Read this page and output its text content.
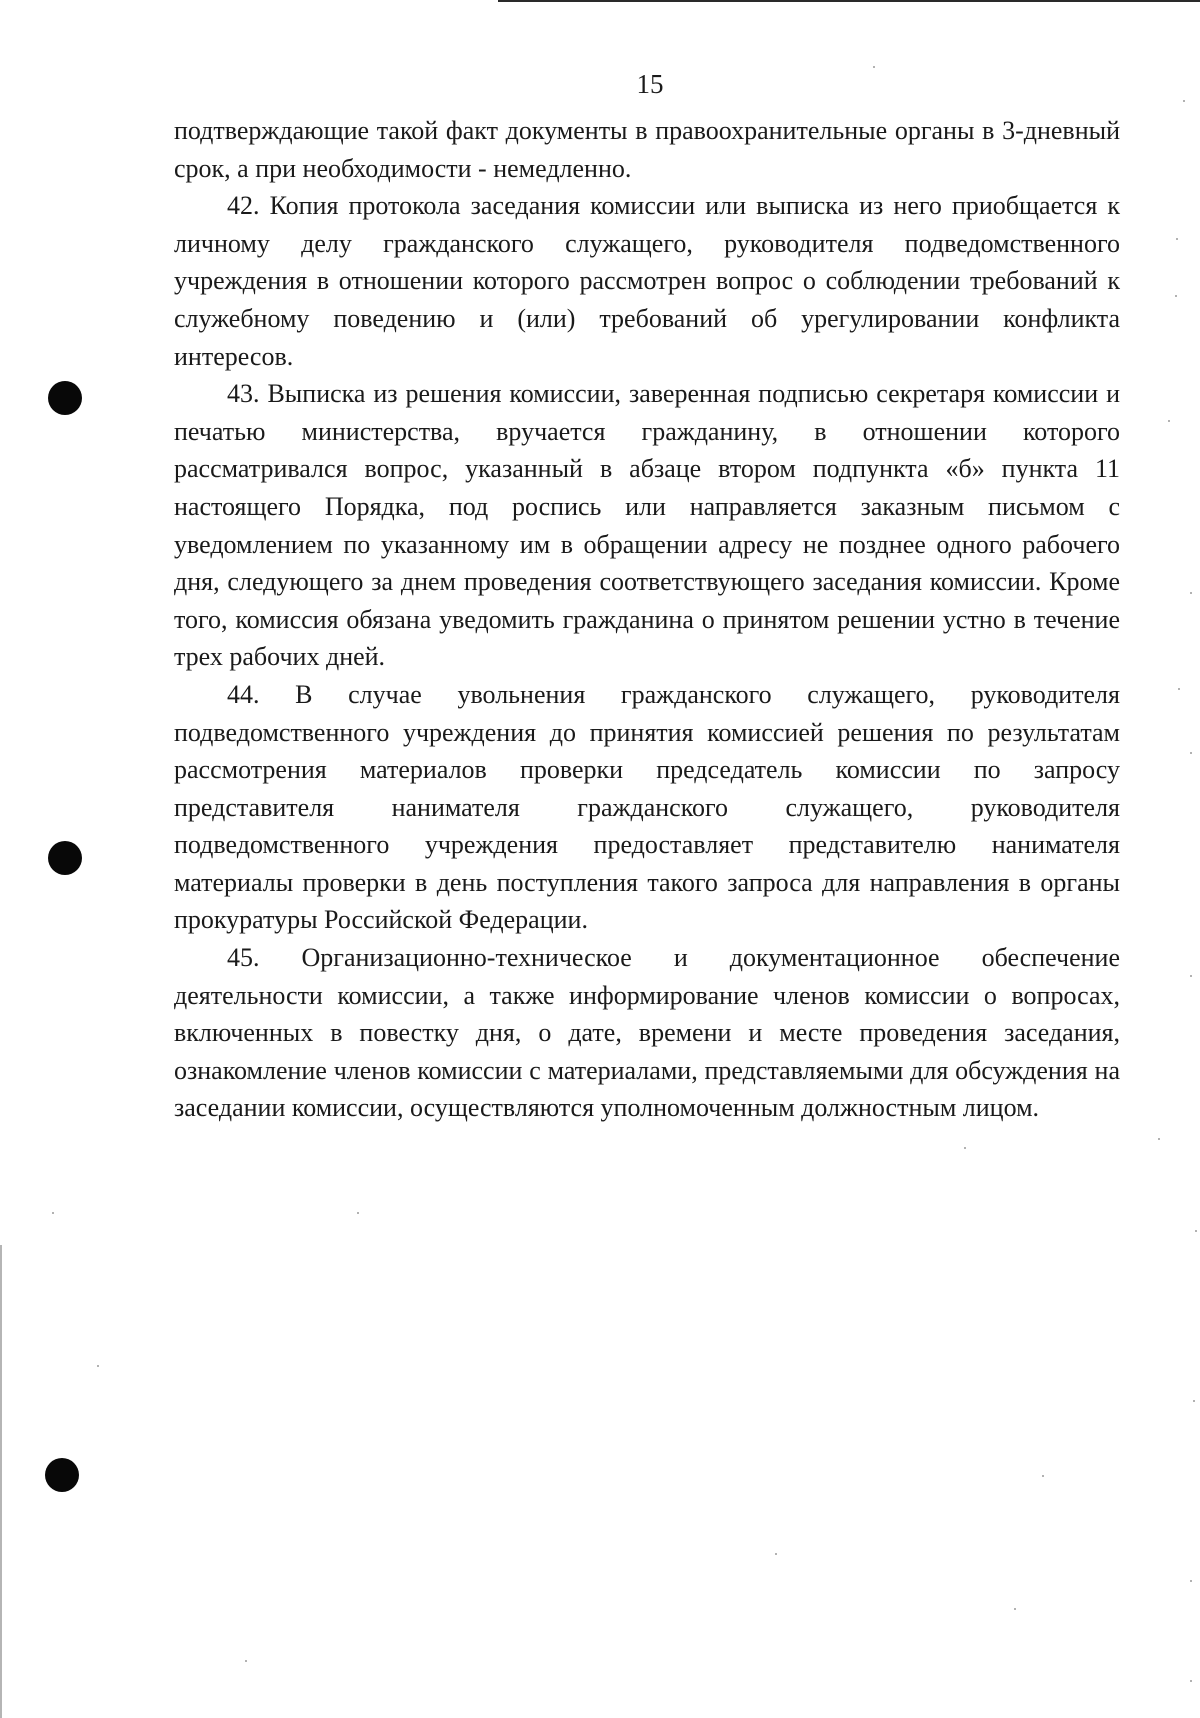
15

подтверждающие такой факт документы в правоохранительные органы в 3-дневный срок, а при необходимости - немедленно.

42. Копия протокола заседания комиссии или выписка из него приобщается к личному делу гражданского служащего, руководителя подведомственного учреждения в отношении которого рассмотрен вопрос о соблюдении требований к служебному поведению и (или) требований об урегулировании конфликта интересов.

43. Выписка из решения комиссии, заверенная подписью секретаря комиссии и печатью министерства, вручается гражданину, в отношении которого рассматривался вопрос, указанный в абзаце втором подпункта «б» пункта 11 настоящего Порядка, под роспись или направляется заказным письмом с уведомлением по указанному им в обращении адресу не позднее одного рабочего дня, следующего за днем проведения соответствующего заседания комиссии. Кроме того, комиссия обязана уведомить гражданина о принятом решении устно в течение трех рабочих дней.

44. В случае увольнения гражданского служащего, руководителя подведомственного учреждения до принятия комиссией решения по результатам рассмотрения материалов проверки председатель комиссии по запросу представителя нанимателя гражданского служащего, руководителя подведомственного учреждения предоставляет представителю нанимателя материалы проверки в день поступления такого запроса для направления в органы прокуратуры Российской Федерации.

45. Организационно-техническое и документационное обеспечение деятельности комиссии, а также информирование членов комиссии о вопросах, включенных в повестку дня, о дате, времени и месте проведения заседания, ознакомление членов комиссии с материалами, представляемыми для обсуждения на заседании комиссии, осуществляются уполномоченным должностным лицом.
